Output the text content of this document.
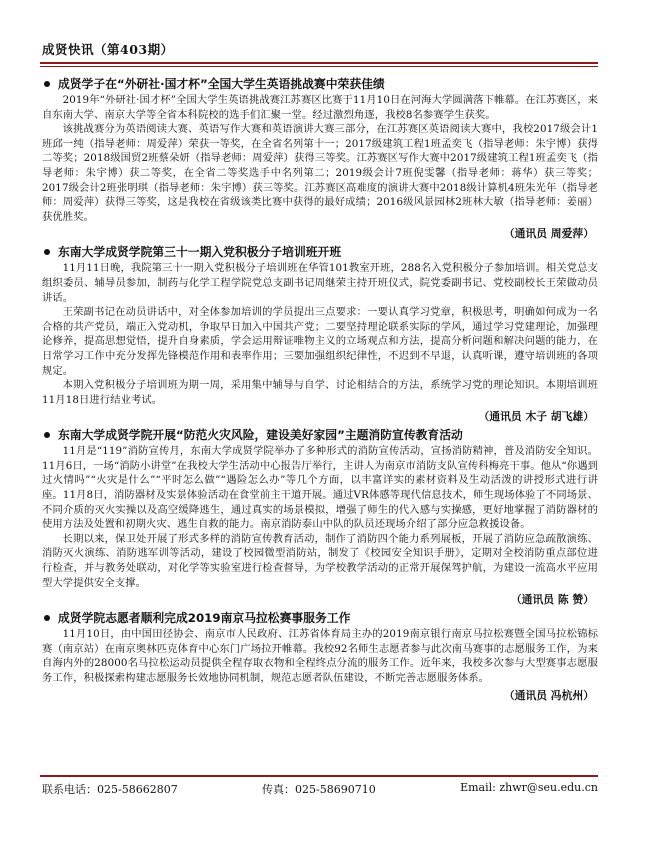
成贤快讯（第403期）
成贤学子在“外研社·国才杯”全国大学生英语挑战赛中荣获佳绩

2019年“外研社·国才杯”全国大学生英语挑战赛江苏赛区比赛于11月10日在河海大学圆满落下帷幕。在江苏赛区，来自东南大学、南京大学等全省本科院校的选手们汇聚一堂。经过激烈角逐，我校8名参赛学生获奖。

该挑战赛分为英语阅读大赛、英语写作大赛和英语演讲大赛三部分，在江苏赛区英语阅读大赛中，我校2017级会计1班邱一纯（指导老师：周爱萍）荣获一等奖，在全省名列第十一；2017级建筑工程1班孟奕飞（指导老师：朱宇博）获得二等奖；2018级国贸2班蔡朵妍（指导老师：周爱萍）获得三等奖。江苏赛区写作大赛中2017级建筑工程1班孟奕飞（指导老师：朱宇博）获二等奖，在全省二等奖选手中名列第二；2019级会计7班倪雯馨（指导老师：蒋华）获三等奖；2017级会计2班张明琪（指导老师：朱宇博）获三等奖。江苏赛区高难度的演讲大赛中2018级计算机4班朱光年（指导老师：周爱萍）获得三等奖，这是我校在省级该类比赛中获得的最好成绩；2016级风景园林2班林大敏（指导老师：姜丽）获优胜奖。

（通讯员 周爱萍）
东南大学成贤学院第三十一期入党积极分子培训班开班

11月11日晚，我院第三十一期入党积极分子培训班在华管101教室开班，288名入党积极分子参加培训。相关党总支组织委员、辅导员参加，制药与化学工程学院党总支副书记周继荣主持开班仪式，院党委副书记、党校副校长王荣做动员讲话。

王荣副书记在动员讲话中，对全体参加培训的学员提出三点要求：一要认真学习党章，积极思考，明确如何成为一名合格的共产党员，端正入党动机，争取早日加入中国共产党；二要坚持理论联系实际的学风，通过学习党建理论，加强理论修养，提高思想觉悟，提升自身素质，学会运用辩证唯物主义的立场观点和方法，提高分析问题和解决问题的能力，在日常学习工作中充分发挥先锋模范作用和表率作用；三要加强组织纪律性，不迟到不早退，认真听课，遵守培训班的各项规定。

本期入党积极分子培训班为期一周，采用集中辅导与自学、讨论相结合的方法，系统学习党的理论知识。本期培训班11月18日进行结业考试。

（通讯员 木子 胡飞雄）
东南大学成贤学院开展“防范火灾风险，建设美好家园”主题消防宣传教育活动

11月是“119”消防宣传月，东南大学成贤学院举办了多种形式的消防宣传活动，宣扬消防精神，普及消防安全知识。11月6日，一场“消防小讲堂”在我校大学生活动中心报告厅举行，主讲人为南京市消防支队宣传科梅亮干事。他从“你遇到过火情吗”“火灾是什么”“平时怎么做”“遇险怎么办”等几个方面，以丰富详实的素材资料及生动活泼的讲授形式进行讲座。11月8日，消防器材及实景体验活动在食堂前主干道开展。通过VR体感等现代信息技术，师生现场体验了不同场景、不同介质的灭火实操以及高空缓降逃生，通过真实的场景模拟，增强了师生的代入感与实操感，更好地掌握了消防器材的使用方法及处置和初期火灾、逃生自救的能力。南京消防泰山中队的队员还现场介绍了部分应急救援设备。

长期以来，保卫处开展了形式多样的消防宣传教育活动，制作了消防四个能力系列展板，开展了消防应急疏散演练、消防灭火演练、消防逃军训等活动，建设了校园微型消防站，制发了《校园安全知识手册》，定期对全校消防重点部位进行检查，并与教务处联动，对化学等实验室进行检查督导，为学校教学活动的正常开展保驾护航，为建设一流高水平应用型大学提供安全支撑。

（通讯员 陈 赞）
成贤学院志愿者顺利完成2019南京马拉松赛事服务工作

11月10日，由中国田径协会、南京市人民政府、江苏省体育局主办的2019南京银行南京马拉松赛暨全国马拉松锦标赛（南京站）在南京奥林匹克体育中心东门广场拉开帷幕。我校92名师生志愿者参与此次南马赛事的志愿服务工作，为来自海内外的28000名马拉松运动员提供全程存取衣物和全程终点分流的服务工作。近年来，我校多次参与大型赛事志愿服务工作，积极探索构建志愿服务长效地协同机制，规范志愿者队伍建设，不断完善志愿服务体系。

（通讯员 冯杭州）
联系电话：025-58662807	传真：025-58690710	Email: zhwr@seu.edu.cn
